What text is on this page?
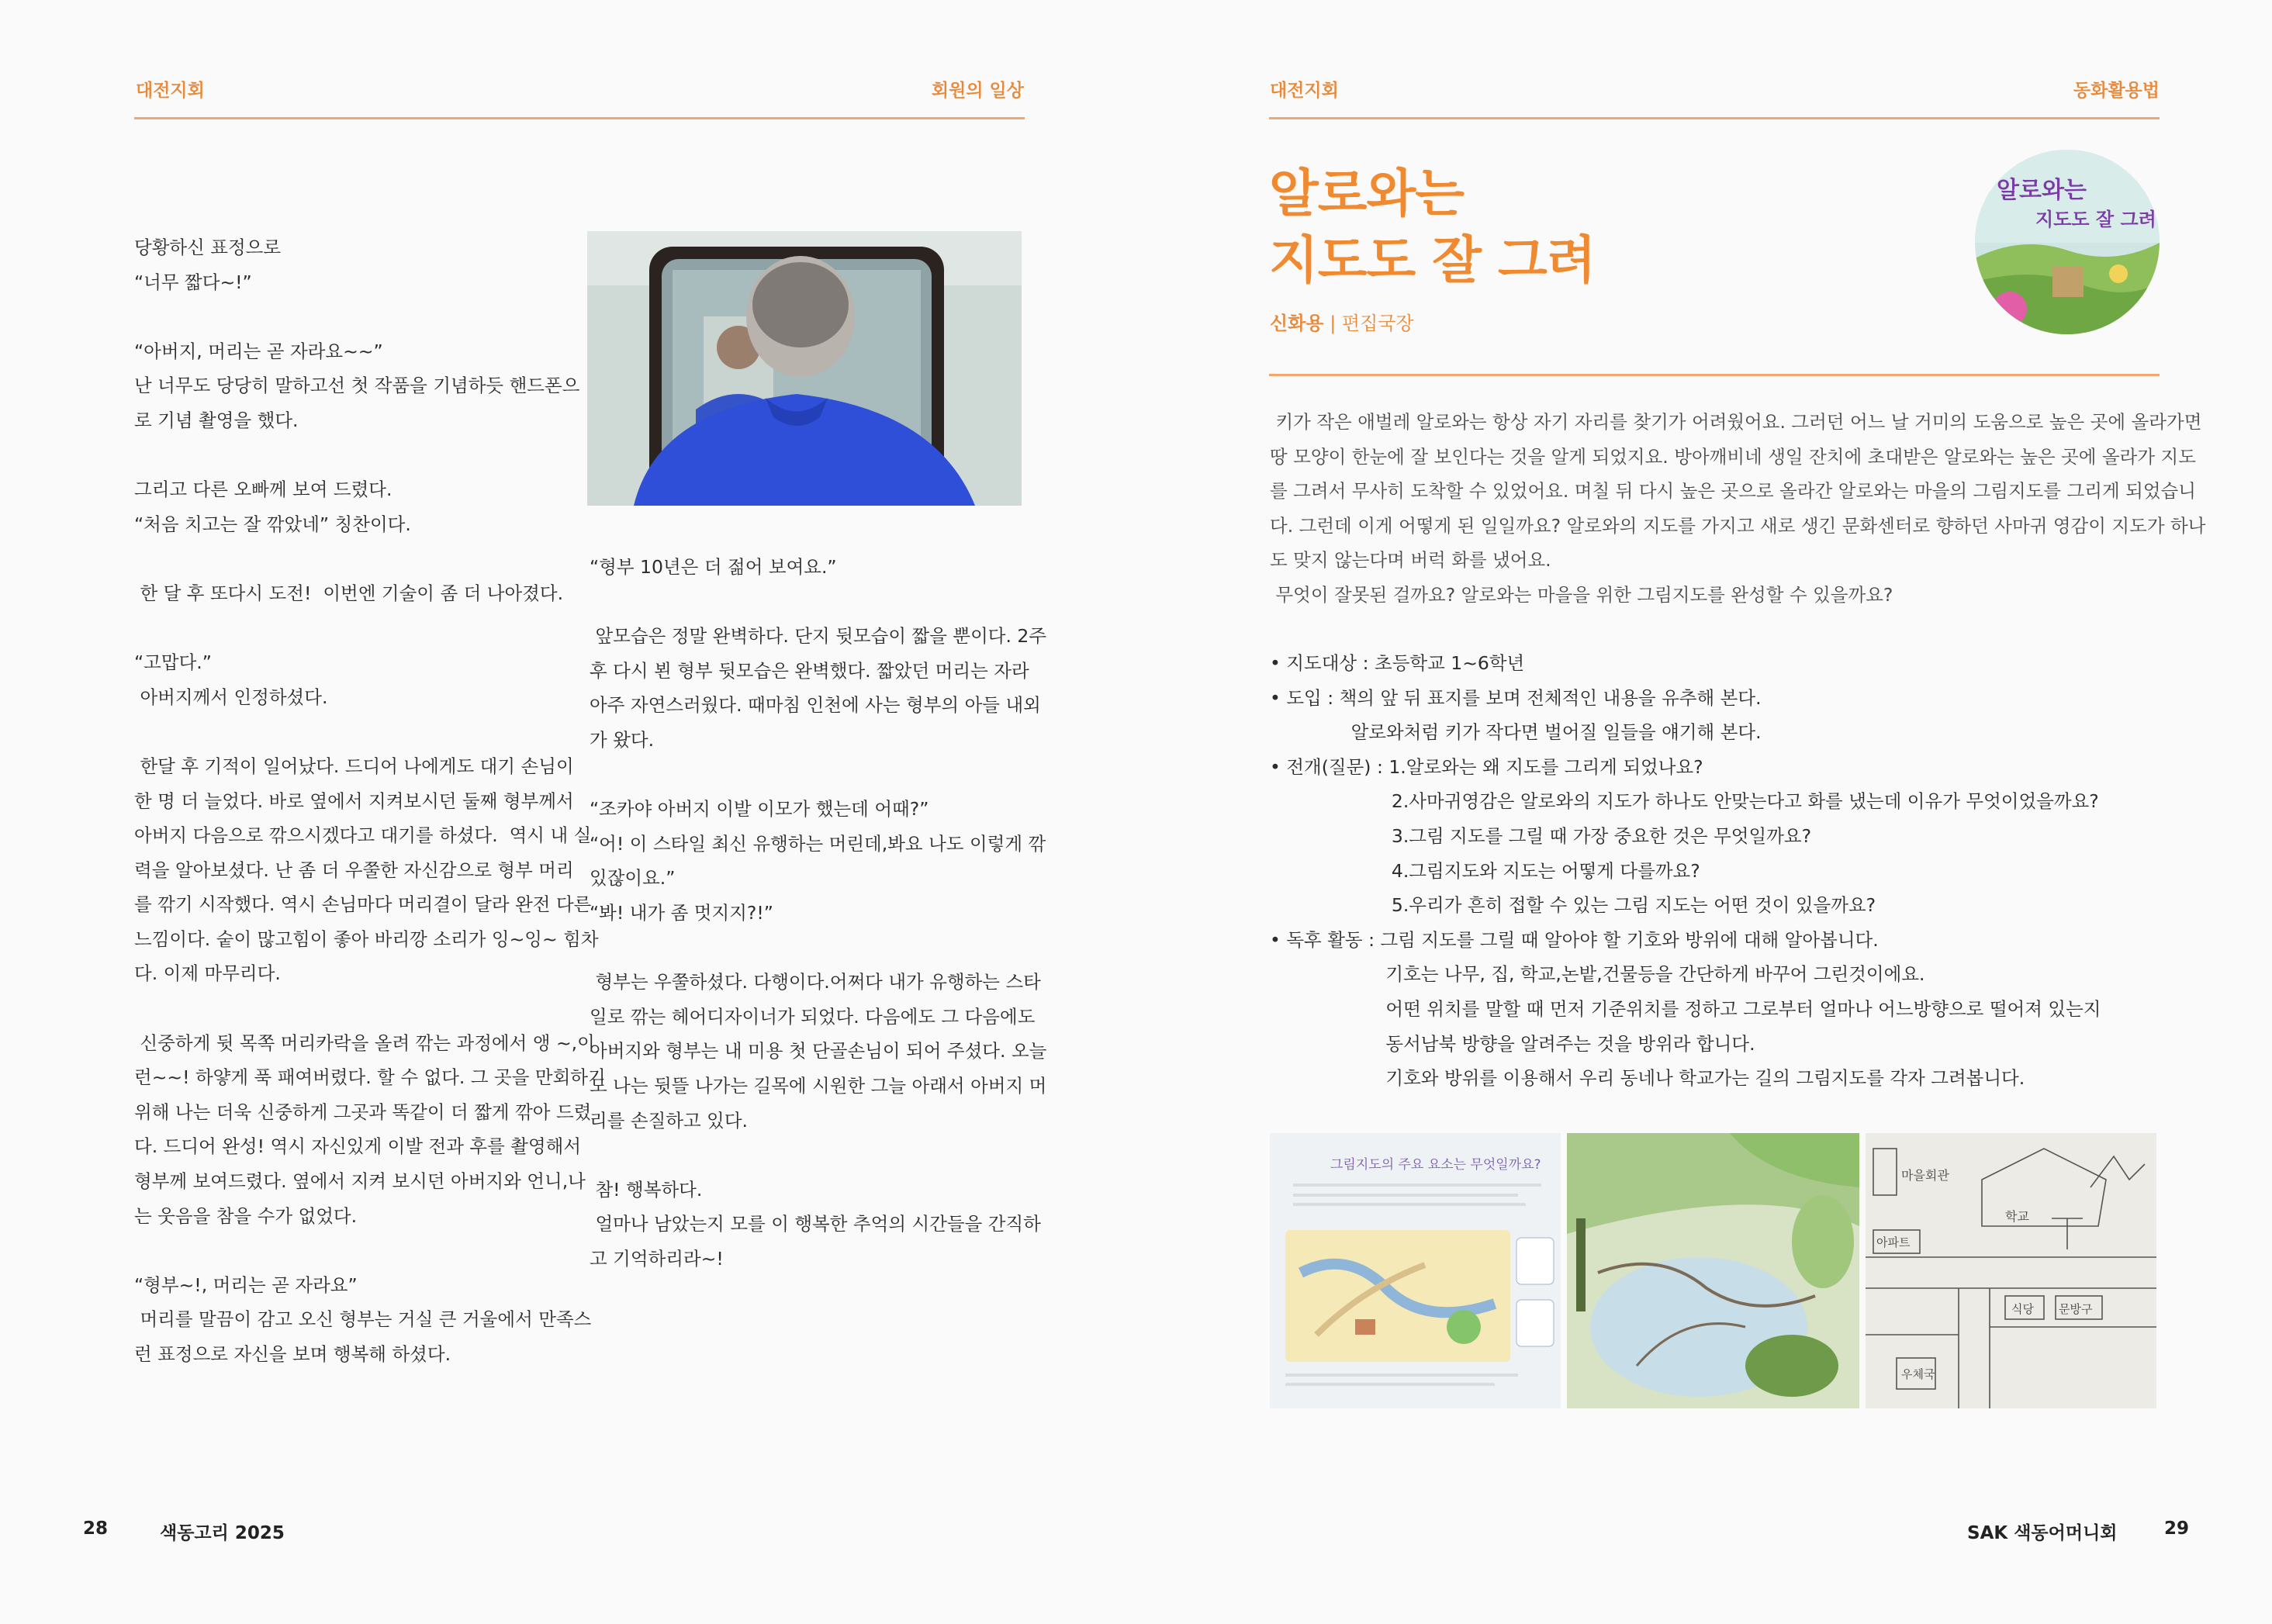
대전지회	회원의 일상

당황하신 표정으로

“너무 짧다~!”

“아버지, 머리는 곧 자라요~~”

난 너무도 당당히 말하고선 첫 작품을 기념하듯 핸드폰으

로 기념 촬영을 했다.

그리고 다른 오빠께 보여 드렸다.

“처음 치고는 잘 깎았네” 칭찬이다.

한 달 후 또다시 도전!  이번엔 기술이 좀 더 나아졌다.

“고맙다.”

아버지께서 인정하셨다.

한달 후 기적이 일어났다. 드디어 나에게도 대기 손님이

한 명 더 늘었다. 바로 옆에서 지켜보시던 둘째 형부께서

아버지 다음으로 깎으시겠다고 대기를 하셨다.  역시 내 실

력을 알아보셨다. 난 좀 더 우쭐한 자신감으로 형부 머리

를 깎기 시작했다. 역시 손님마다 머리결이 달라 완전 다른

느낌이다. 숱이 많고힘이 좋아 바리깡 소리가 잉~잉~ 힘차

다. 이제 마무리다.

신중하게 뒷 목쪽 머리카락을 올려 깎는 과정에서 앵 ~,이

런~~! 하얗게 푹 패여버렸다. 할 수 없다. 그 곳을 만회하기

위해 나는 더욱 신중하게 그곳과 똑같이 더 짧게 깎아 드렸

다. 드디어 완성! 역시 자신있게 이발 전과 후를 촬영해서

형부께 보여드렸다. 옆에서 지켜 보시던 아버지와 언니,나

는 웃음을 참을 수가 없었다.

“형부~!, 머리는 곧 자라요”

머리를 말끔이 감고 오신 형부는 거실 큰 거울에서 만족스

런 표정으로 자신을 보며 행복해 하셨다.

“형부 10년은 더 젊어 보여요.”

앞모습은 정말 완벽하다. 단지 뒷모습이 짧을 뿐이다. 2주

후 다시 뵌 형부 뒷모습은 완벽했다. 짧았던 머리는 자라

아주 자연스러웠다. 때마침 인천에 사는 형부의 아들 내외

가 왔다.

“조카야 아버지 이발 이모가 했는데 어때?”

“어! 이 스타일 최신 유행하는 머린데,봐요 나도 이렇게 깎

있잖이요.”

“봐! 내가 좀 멋지지?!”

형부는 우쭐하셨다. 다행이다.어쩌다 내가 유행하는 스타

일로 깎는 헤어디자이너가 되었다. 다음에도 그 다음에도

아버지와 형부는 내 미용 첫 단골손님이 되어 주셨다. 오늘

도 나는 뒷뜰 나가는 길목에 시원한 그늘 아래서 아버지 머

리를 손질하고 있다.

참! 행복하다.

얼마나 남았는지 모를 이 행복한 추억의 시간들을 간직하

고 기억하리라~!

28	색동고리 2025
대전지회	동화활용법
알로와는
지도도 잘 그려
신화용 | 편집국장
알로와는
지도도 잘 그려

키가 작은 애벌레 알로와는 항상 자기 자리를 찾기가 어려웠어요. 그러던 어느 날 거미의 도움으로 높은 곳에 올라가면

땅 모양이 한눈에 잘 보인다는 것을 알게 되었지요. 방아깨비네 생일 잔치에 초대받은 알로와는 높은 곳에 올라가 지도

를 그려서 무사히 도착할 수 있었어요. 며칠 뒤 다시 높은 곳으로 올라간 알로와는 마을의 그림지도를 그리게 되었습니

다. 그런데 이게 어떻게 된 일일까요? 알로와의 지도를 가지고 새로 생긴 문화센터로 향하던 사마귀 영감이 지도가 하나

도 맞지 않는다며 버럭 화를 냈어요.

무엇이 잘못된 걸까요? 알로와는 마을을 위한 그림지도를 완성할 수 있을까요?

• 지도대상 : 초등학교 1~6학년

• 도입 : 책의 앞 뒤 표지를 보며 전체적인 내용을 유추해 본다.

알로와처럼 키가 작다면 벌어질 일들을 얘기해 본다.

• 전개(질문) : 1.알로와는 왜 지도를 그리게 되었나요?

2.사마귀영감은 알로와의 지도가 하나도 안맞는다고 화를 냈는데 이유가 무엇이었을까요?

3.그림 지도를 그릴 때 가장 중요한 것은 무엇일까요?

4.그림지도와 지도는 어떻게 다를까요?

5.우리가 흔히 접할 수 있는 그림 지도는 어떤 것이 있을까요?

• 독후 활동 : 그림 지도를 그릴 때 알아야 할 기호와 방위에 대해 알아봅니다.

기호는 나무, 집, 학교,논밭,건물등을 간단하게 바꾸어 그린것이에요.

어떤 위치를 말할 때 먼저 기준위치를 정하고 그로부터 얼마나 어느방향으로 떨어져 있는지

동서남북 방향을 알려주는 것을 방위라 합니다.

기호와 방위를 이용해서 우리 동네나 학교가는 길의 그림지도를 각자 그려봅니다.

그림지도의 주요 요소는 무엇일까요?
마을회관
학교
아파트
식당 문방구
우체국
SAK 색동어머니회	29
